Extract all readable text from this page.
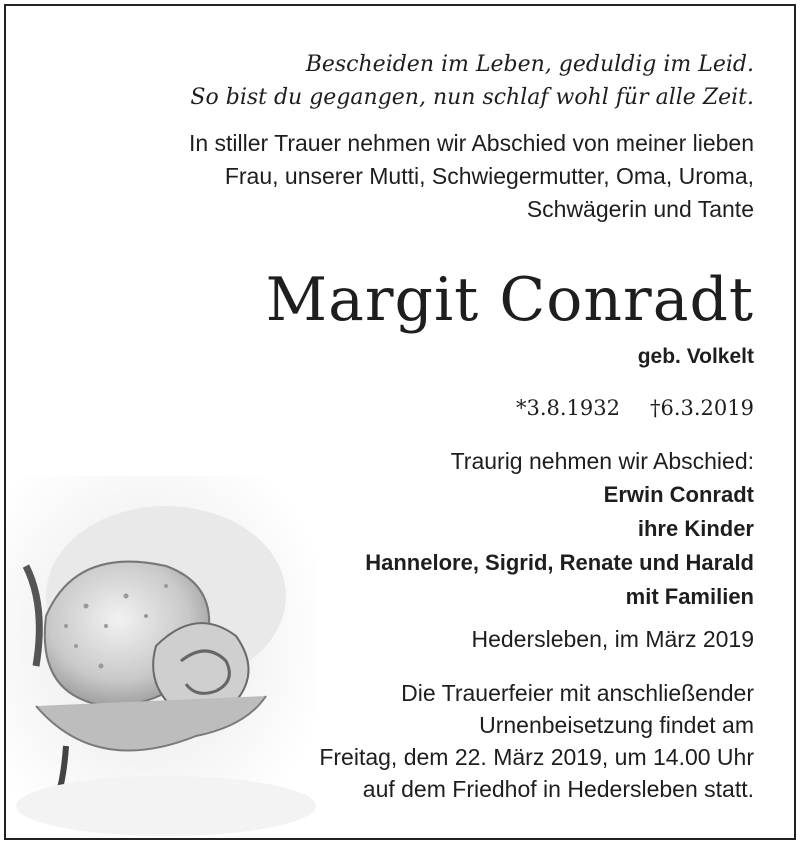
Bescheiden im Leben, geduldig im Leid.
So bist du gegangen, nun schlaf wohl für alle Zeit.
In stiller Trauer nehmen wir Abschied von meiner lieben
Frau, unserer Mutti, Schwiegermutter, Oma, Uroma,
Schwägerin und Tante
Margit Conradt
geb. Volkelt
*3.8.1932 †6.3.2019
Traurig nehmen wir Abschied:
Erwin Conradt
ihre Kinder
Hannelore, Sigrid, Renate und Harald
mit Familien
Hedersleben, im März 2019
Die Trauerfeier mit anschließender
Urnenbeisetzung findet am
Freitag, dem 22. März 2019, um 14.00 Uhr
auf dem Friedhof in Hedersleben statt.
